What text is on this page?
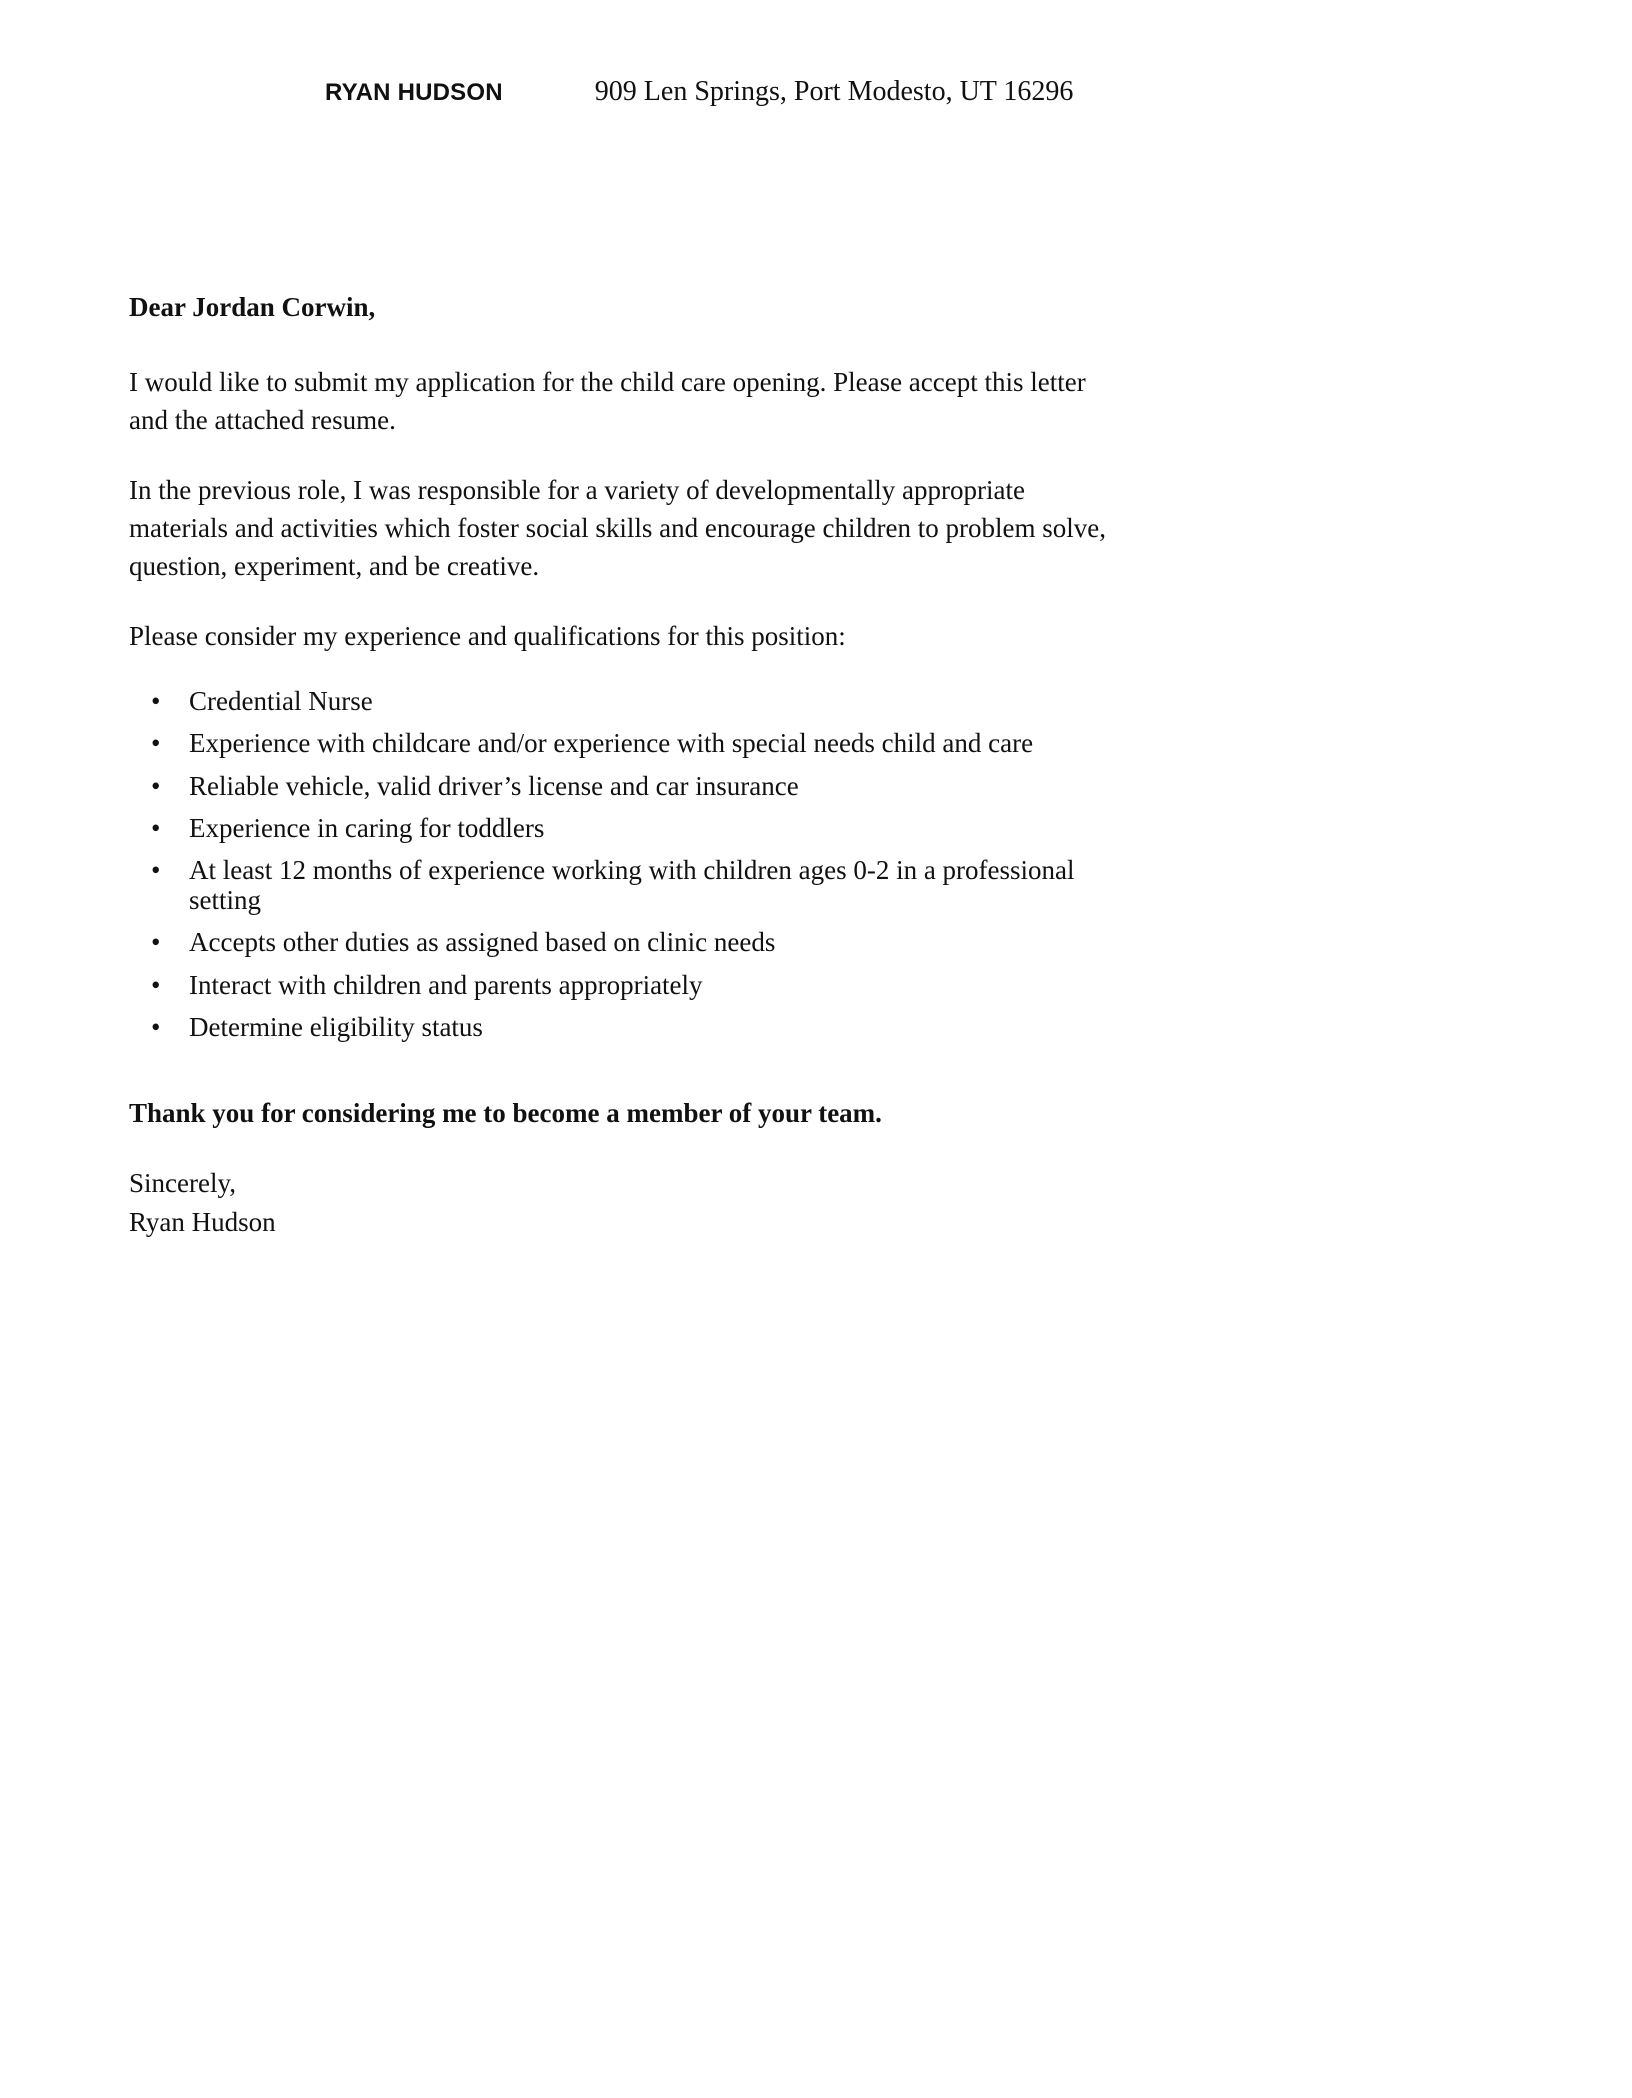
RYAN HUDSON	909 Len Springs, Port Modesto, UT 16296

Dear Jordan Corwin,

I would like to submit my application for the child care opening. Please accept this letter and the attached resume.

In the previous role, I was responsible for a variety of developmentally appropriate materials and activities which foster social skills and encourage children to problem solve, question, experiment, and be creative.

Please consider my experience and qualifications for this position:

• Credential Nurse
• Experience with childcare and/or experience with special needs child and care
• Reliable vehicle, valid driver’s license and car insurance
• Experience in caring for toddlers
• At least 12 months of experience working with children ages 0-2 in a professional setting
• Accepts other duties as assigned based on clinic needs
• Interact with children and parents appropriately
• Determine eligibility status

Thank you for considering me to become a member of your team.

Sincerely,
Ryan Hudson
